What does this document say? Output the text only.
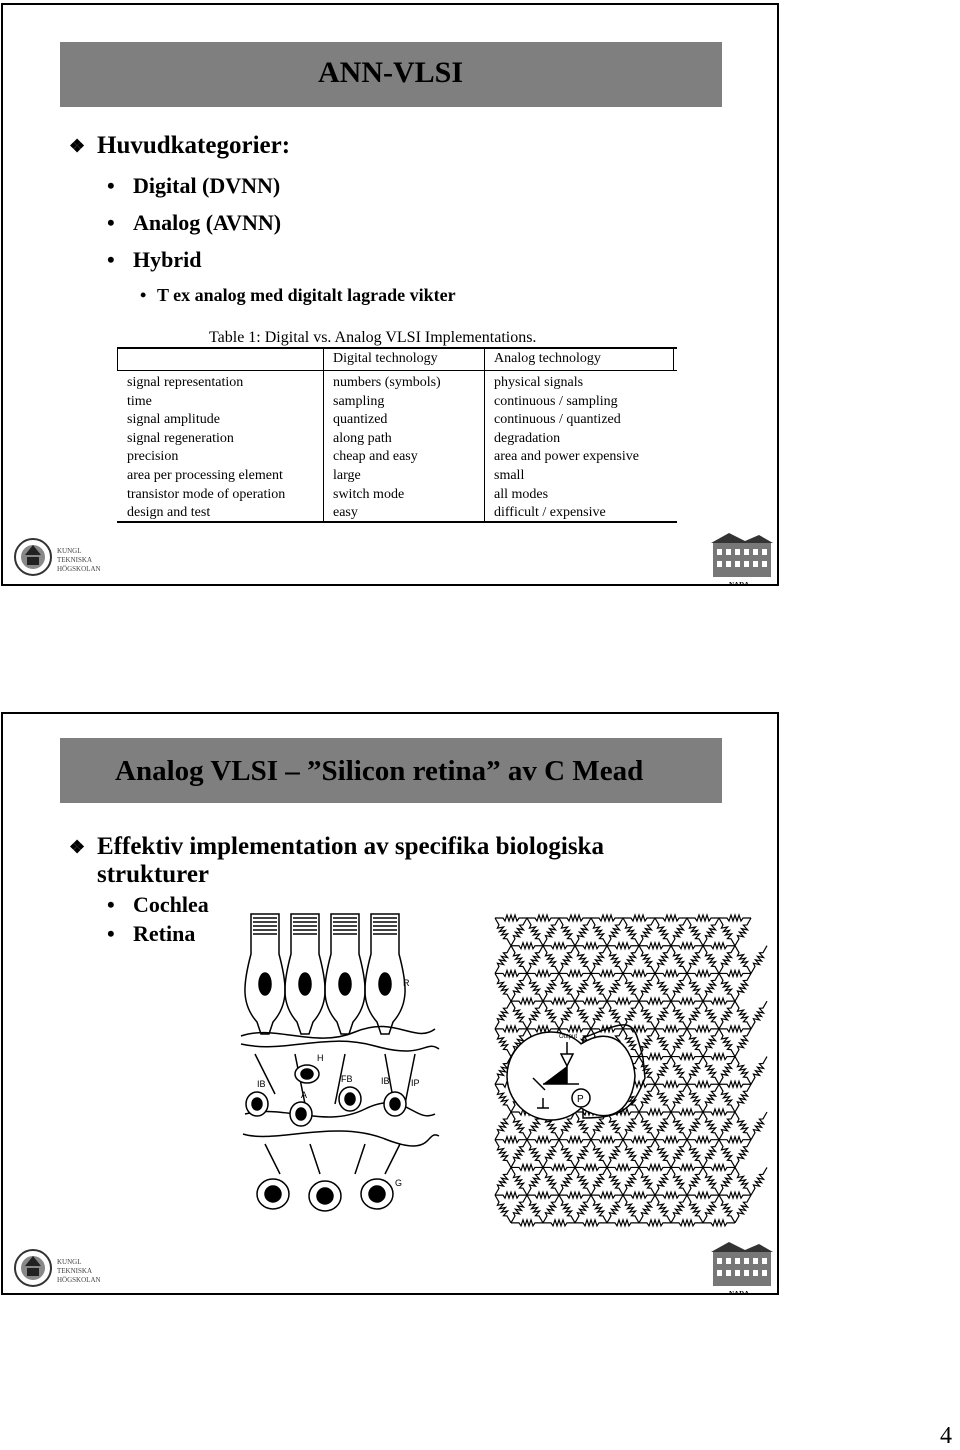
ANN-VLSI
❖ Huvudkategorier:
• Digital (DVNN)
• Analog (AVNN)
• Hybrid
• T ex analog med digitalt lagrade vikter
Table 1: Digital vs. Analog VLSI Implementations.
Digital technology	Analog technology
signal representation
time
signal amplitude
signal regeneration
precision
area per processing element
transistor mode of operation
design and test
numbers (symbols)
sampling
quantized
along path
cheap and easy
large
switch mode
easy
physical signals
continuous / sampling
continuous / quantized
degradation
area and power expensive
small
all modes
difficult / expensive
KUNGL
TEKNISKA
HÖGSKOLAN
NADA
Analog VLSI – ”Silicon retina” av C Mead
❖ Effektiv implementation av specifika biologiska
strukturer
• Cochlea
• Retina
R
H
IB
A
FB	IB IP
G
Output
P
KUNGL
TEKNISKA
HÖGSKOLAN
NADA
4
